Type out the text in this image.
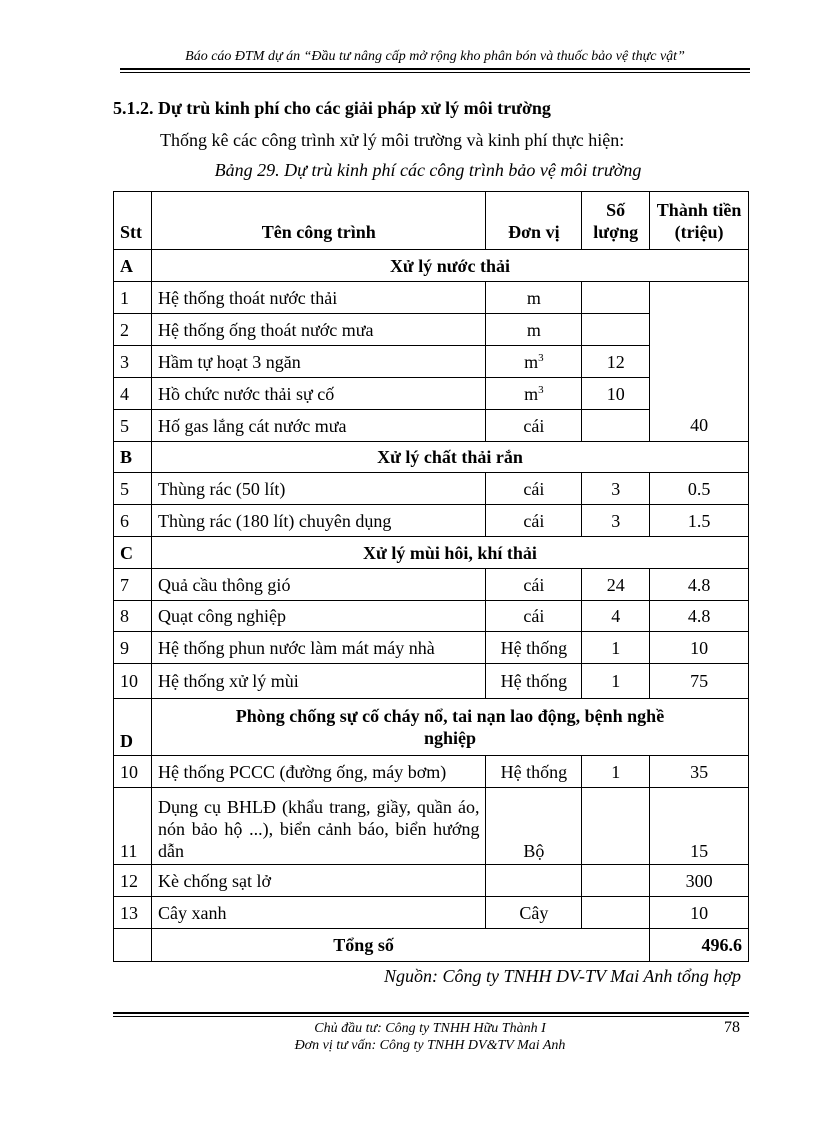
Báo cáo ĐTM dự án “Đầu tư nâng cấp mở rộng kho phân bón và thuốc bảo vệ thực vật”
5.1.2. Dự trù kinh phí cho các giải pháp xử lý môi trường
Thống kê các công trình xử lý môi trường và kinh phí thực hiện:
Bảng 29. Dự trù kinh phí các công trình bảo vệ môi trường
Stt	Tên công trình	Đơn vị	Số lượng	Thành tiền (triệu)
A	Xử lý nước thải			
1	Hệ thống thoát nước thải	m		40
2	Hệ thống ống thoát nước mưa	m		
3	Hầm tự hoạt 3 ngăn	$m^3$	12	
4	Hồ chức nước thải sự cố	$m^3$	10	
5	Hố gas lắng cát nước mưa	cái		
B	Xử lý chất thải rắn			
5	Thùng rác (50 lít)	cái	3	0.5
6	Thùng rác (180 lít) chuyên dụng	cái	3	1.5
C	Xử lý mùi hôi, khí thải			
7	Quả cầu thông gió	cái	24	4.8
8	Quạt công nghiệp	cái	4	4.8
9	Hệ thống phun nước làm mát máy nhà	Hệ thống	1	10
10	Hệ thống xử lý mùi	Hệ thống	1	75
D	Phòng chống sự cố cháy nổ, tai nạn lao động, bệnh nghề nghiệp			
10	Hệ thống PCCC (đường ống, máy bơm)	Hệ thống	1	35
11	Dụng cụ BHLĐ (khẩu trang, giầy, quần áo, nón bảo hộ ...), biển cảnh báo, biển hướng dẫn	Bộ		15
12	Kè chống sạt lở			300
13	Cây xanh	Cây		10
	Tổng số			496.6
Nguồn: Công ty TNHH DV-TV Mai Anh tổng hợp
Chủ đầu tư: Công ty TNHH Hữu Thành I
Đơn vị tư vấn: Công ty TNHH DV&TV Mai Anh
78
